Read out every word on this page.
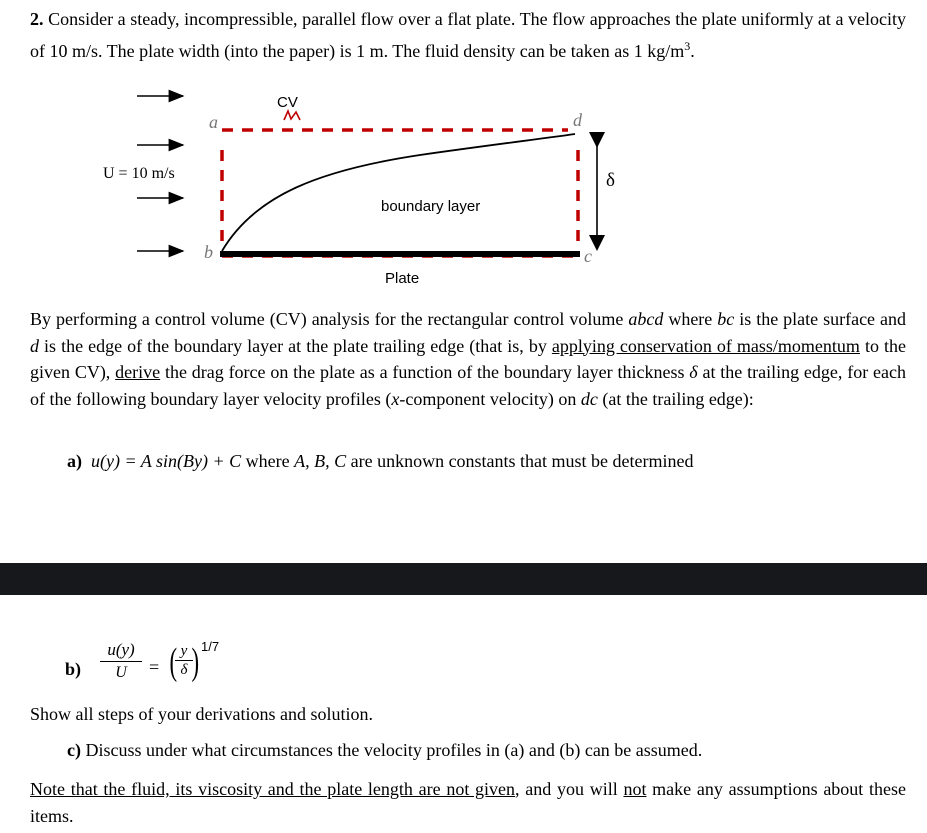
2. Consider a steady, incompressible, parallel flow over a flat plate. The flow approaches the plate uniformly at a velocity of 10 m/s. The plate width (into the paper) is 1 m. The fluid density can be taken as 1 $kg/m^3$.

U = 10 m/s
CV
a
b	c
d
δ
boundary layer
Plate

By performing a control volume (CV) analysis for the rectangular control volume abcd where bc is the plate surface and d is the edge of the boundary layer at the plate trailing edge (that is, by applying conservation of mass/momentum to the given CV), derive the drag force on the plate as a function of the boundary layer thickness δ at the trailing edge, for each of the following boundary layer velocity profiles (x-component velocity) on dc (at the trailing edge):

a) u(y) = A sin(By) + C where A, B, C are unknown constants that must be determined
b)
u(y)
U	= ( y
δ ) 1/7
Show all steps of your derivations and solution.
c) Discuss under what circumstances the velocity profiles in (a) and (b) can be assumed.

Note that the fluid, its viscosity and the plate length are not given, and you will not make any assumptions about these items.
